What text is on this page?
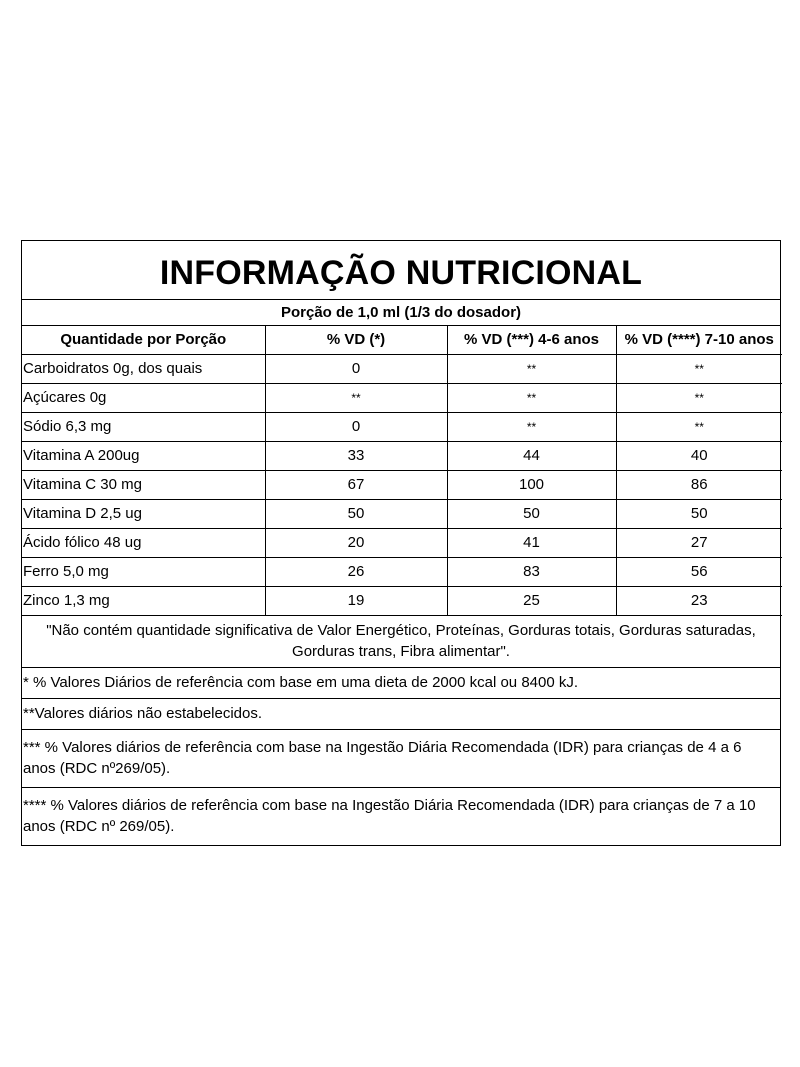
INFORMAÇÃO NUTRICIONAL
Porção de 1,0 ml (1/3 do dosador)
Quantidade por Porção	% VD (*)	% VD (***) 4-6 anos	% VD (****) 7-10 anos
Carboidratos 0g, dos quais	0	**	**
Açúcares 0g	**	**	**
Sódio 6,3 mg	0	**	**
Vitamina A 200ug	33	44	40
Vitamina C 30 mg	67	100	86
Vitamina D 2,5 ug	50	50	50
Ácido fólico 48 ug	20	41	27
Ferro 5,0 mg	26	83	56
Zinco 1,3 mg	19	25	23
"Não contém quantidade significativa de Valor Energético, Proteínas, Gorduras totais, Gorduras saturadas, Gorduras trans, Fibra alimentar".
* % Valores Diários de referência com base em uma dieta de 2000 kcal ou 8400 kJ.
**Valores diários não estabelecidos.
*** % Valores diários de referência com base na Ingestão Diária Recomendada (IDR) para crianças de 4 a 6 anos (RDC nº269/05).
**** % Valores diários de referência com base na Ingestão Diária Recomendada (IDR) para crianças de 7 a 10 anos (RDC nº 269/05).
